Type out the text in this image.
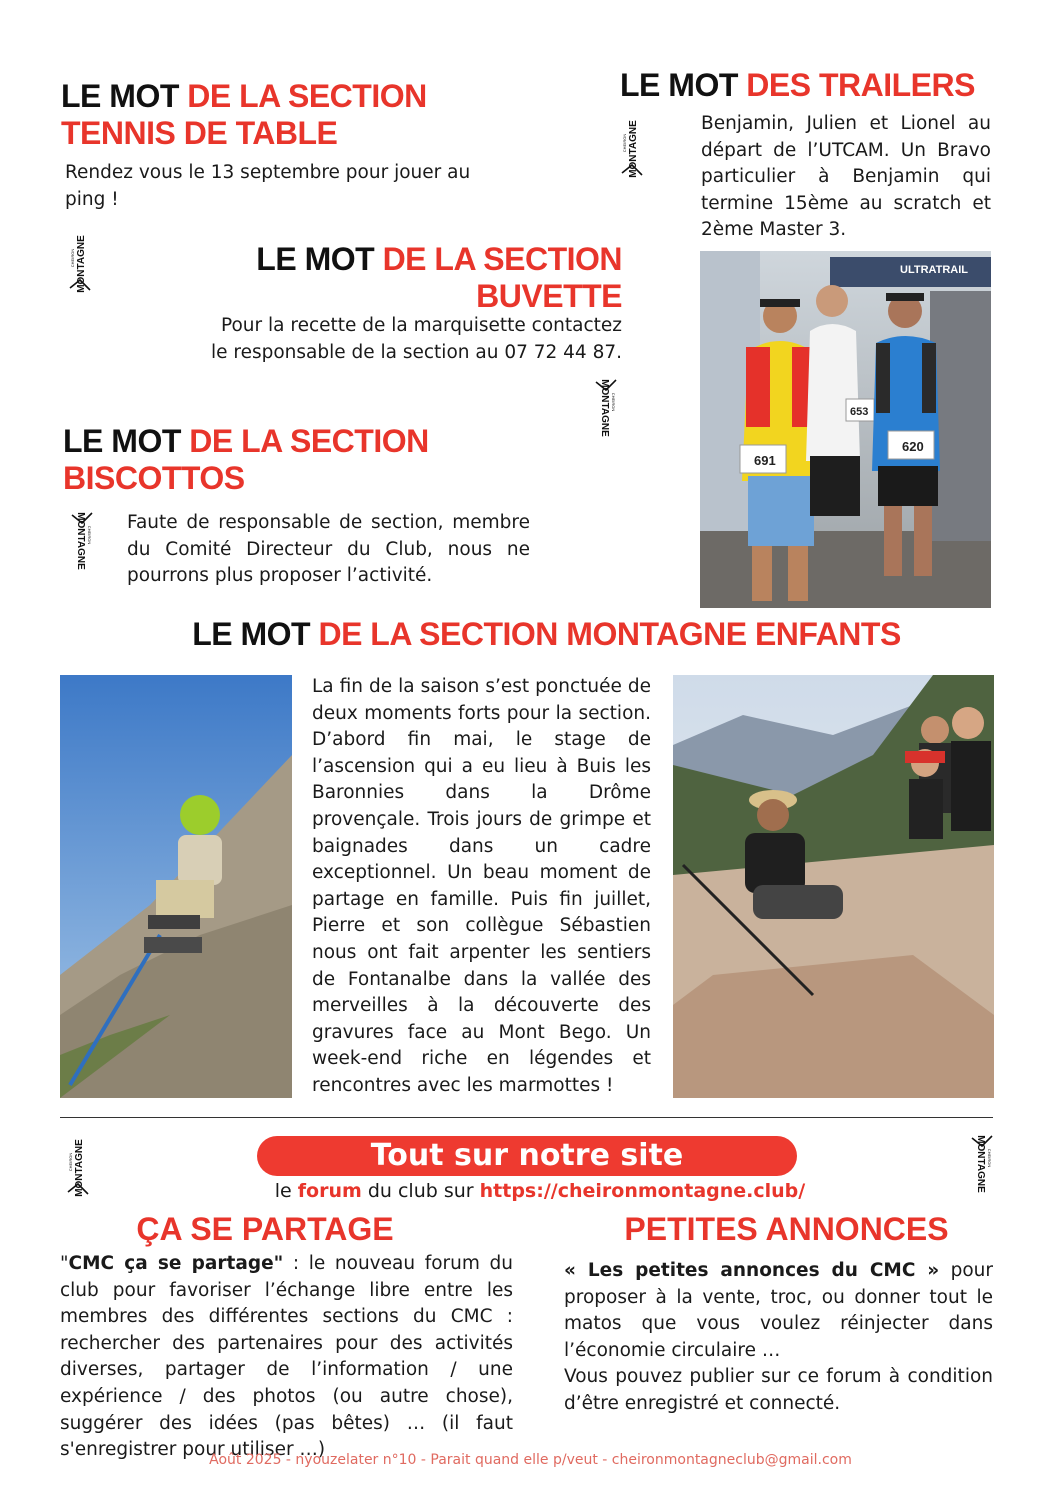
LE MOT DE LA SECTION
TENNIS DE TABLE

Rendez vous le 13 septembre pour jouer au ping !

MONTAGNE
CHEIRON	LE MOT DE LA SECTION
BUVETTE
Pour la recette de la marquisette contactez
le responsable de la section au 07 72 44 87.
MONTAGNE CHEIRON
LE MOT DE LA SECTION
BISCOTTOS
MONTAGNE CHEIRON

Faute de responsable de section, membre du Comité Directeur du Club, nous ne pourrons plus proposer l’activité.

LE MOT DES TRAILERS
MONTAGNE
CHEIRON

Benjamin, Julien et Lionel au départ de l’UTCAM. Un Bravo particulier à Benjamin qui termine 15ème au scratch et 2ème Master 3.

ULTRATRAIL
691
653
620
LE MOT DE LA SECTION MONTAGNE ENFANTS

La fin de la saison s’est ponctuée de deux moments forts pour la section. D’abord fin mai, le stage de l’ascension qui a eu lieu à Buis les Baronnies dans la Drôme provençale. Trois jours de grimpe et baignades dans un cadre exceptionnel. Un beau moment de partage en famille. Puis fin juillet, Pierre et son collègue Sébastien nous ont fait arpenter les sentiers de Fontanalbe dans la vallée des merveilles à la découverte des gravures face au Mont Bego. Un week-end riche en légendes et rencontres avec les marmottes !

MONTAGNE
CHEIRON	MONTAGNE CHEIRON
Tout sur notre site
le forum du club sur https://cheironmontagne.club/
ÇA SE PARTAGE

"CMC ça se partage" : le nouveau forum du club pour favoriser l’échange libre entre les membres des différentes sections du CMC : rechercher des partenaires pour des activités diverses, partager de l’information / une expérience / des photos (ou autre chose), suggérer des idées (pas bêtes) … (il faut s'enregistrer pour utiliser …)

PETITES ANNONCES

« Les petites annonces du CMC » pour proposer à la vente, troc, ou donner tout le matos que vous voulez réinjecter dans l’économie circulaire …

Vous pouvez publier sur ce forum à condition d’être enregistré et connecté.

Août 2025 - nyouzelater n°10 - Parait quand elle p/veut - cheironmontagneclub@gmail.com
